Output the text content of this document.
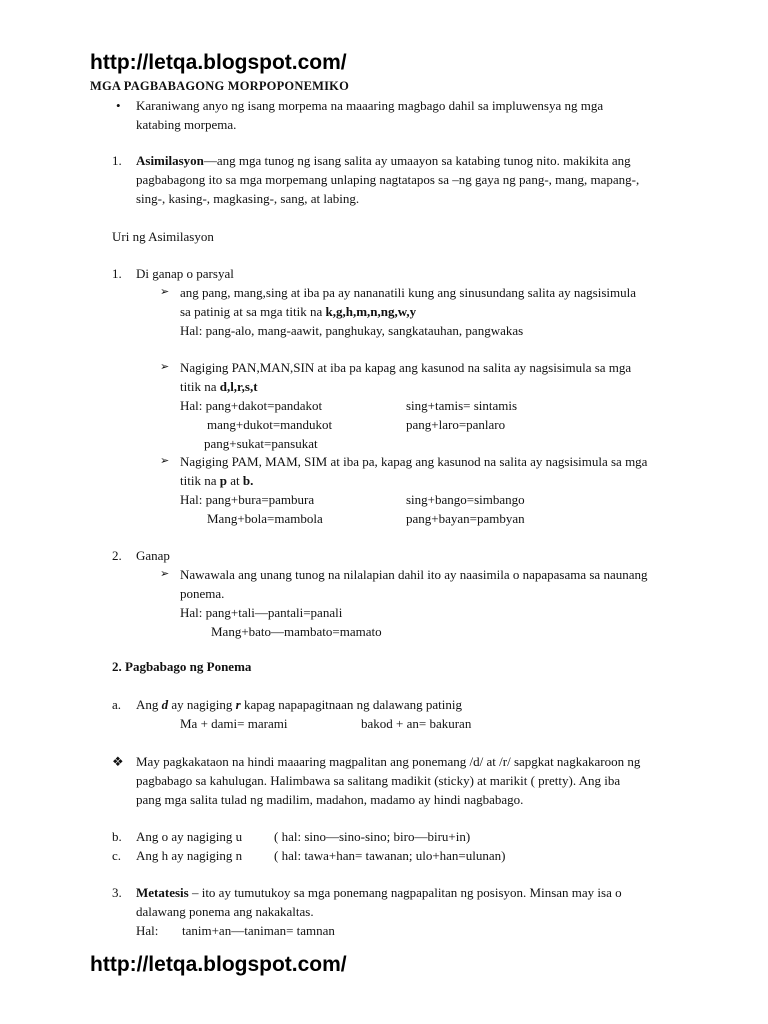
http://letqa.blogspot.com/
MGA PAGBABAGONG MORPOPONEMIKO
• Karaniwang anyo ng isang morpema na maaaring magbago dahil sa impluwensya ng mga
katabing morpema.
1. Asimilasyon—ang mga tunog ng isang salita ay umaayon sa katabing tunog nito. makikita ang
pagbabagong ito sa mga morpemang unlaping nagtatapos sa –ng gaya ng pang-, mang, mapang-,
sing-, kasing-, magkasing-, sang, at labing.
Uri ng Asimilasyon
1. Di ganap o parsyal
➢ ang pang, mang,sing at iba pa ay nananatili kung ang sinusundang salita ay nagsisimula
sa patinig at sa mga titik na k,g,h,m,n,ng,w,y
Hal: pang-alo, mang-aawit, panghukay, sangkatauhan, pangwakas
➢ Nagiging PAN,MAN,SIN at iba pa kapag ang kasunod na salita ay nagsisimula sa mga
titik na d,l,r,s,t
Hal: pang+dakot=pandakot	sing+tamis= sintamis
mang+dukot=mandukot	pang+laro=panlaro
pang+sukat=pansukat
➢ Nagiging PAM, MAM, SIM at iba pa, kapag ang kasunod na salita ay nagsisimula sa mga
titik na p at b.
Hal: pang+bura=pambura	sing+bango=simbango
Mang+bola=mambola	pang+bayan=pambyan
2. Ganap
➢ Nawawala ang unang tunog na nilalapian dahil ito ay naasimila o napapasama sa naunang
ponema.
Hal: pang+tali—pantali=panali
Mang+bato—mambato=mamato
2. Pagbabago ng Ponema
a. Ang d ay nagiging r kapag napapagitnaan ng dalawang patinig
Ma + dami= marami	bakod + an= bakuran
❖ May pagkakataon na hindi maaaring magpalitan ang ponemang /d/ at /r/ sapgkat nagkakaroon ng
pagbabago sa kahulugan. Halimbawa sa salitang madikit (sticky) at marikit ( pretty). Ang iba
pang mga salita tulad ng madilim, madahon, madamo ay hindi nagbabago.
b. Ang o ay nagiging u ( hal: sino—sino-sino; biro—biru+in)
c. Ang h ay nagiging n ( hal: tawa+han= tawanan; ulo+han=ulunan)
3. Metatesis – ito ay tumutukoy sa mga ponemang nagpapalitan ng posisyon. Minsan may isa o
dalawang ponema ang nakakaltas.
Hal: tanim+an—taniman= tamnan
http://letqa.blogspot.com/
